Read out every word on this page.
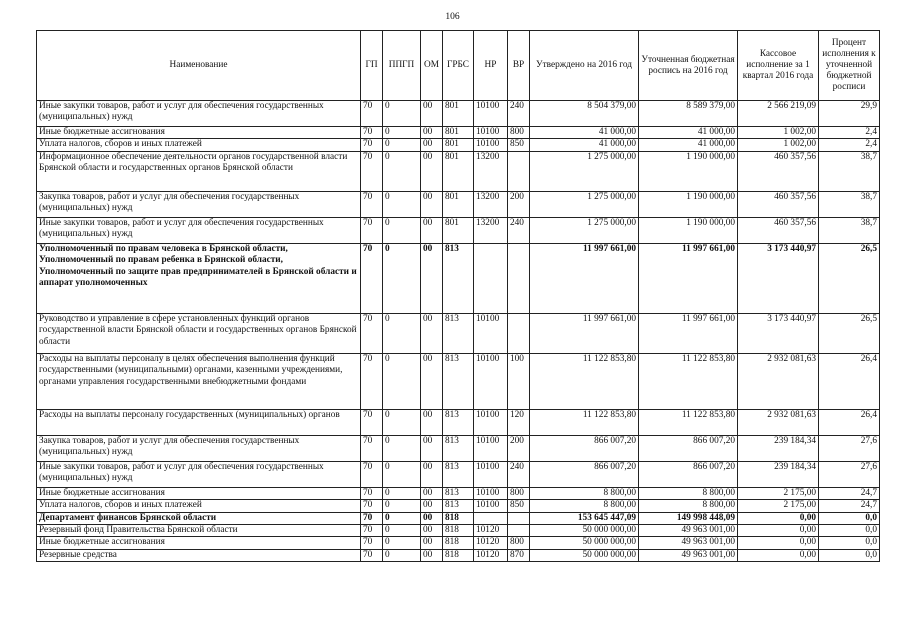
106
Наименование	ГП	ППГП	ОМ	ГРБС	НР	ВР	Утверждено на 2016 год	Уточненная бюджетная роспись на 2016 год	Кассовое исполнение за 1 квартал 2016 года	Процент исполнения к уточненной бюджетной росписи
Иные закупки товаров, работ и услуг для обеспечения государственных (муниципальных) нужд	70	0	00	801	10100	240	8 504 379,00	8 589 379,00	2 566 219,09	29,9
Иные бюджетные ассигнования	70	0	00	801	10100	800	41 000,00	41 000,00	1 002,00	2,4
Уплата налогов, сборов и иных платежей	70	0	00	801	10100	850	41 000,00	41 000,00	1 002,00	2,4
Информационное обеспечение деятельности органов государственной власти Брянской области и государственных органов Брянской области	70	0	00	801	13200		1 275 000,00	1 190 000,00	460 357,56	38,7
Закупка товаров, работ и услуг для обеспечения государственных (муниципальных) нужд	70	0	00	801	13200	200	1 275 000,00	1 190 000,00	460 357,56	38,7
Иные закупки товаров, работ и услуг для обеспечения государственных (муниципальных) нужд	70	0	00	801	13200	240	1 275 000,00	1 190 000,00	460 357,56	38,7
Уполномоченный по правам человека в Брянской области, Уполномоченный по правам ребенка в Брянской области, Уполномоченный по защите прав предпринимателей в Брянской области и аппарат уполномоченных	70	0	00	813			11 997 661,00	11 997 661,00	3 173 440,97	26,5
Руководство и управление в сфере установленных функций органов государственной власти Брянской области и государственных органов Брянской области	70	0	00	813	10100		11 997 661,00	11 997 661,00	3 173 440,97	26,5
Расходы на выплаты персоналу в целях обеспечения выполнения функций государственными (муниципальными) органами, казенными учреждениями, органами управления государственными внебюджетными фондами	70	0	00	813	10100	100	11 122 853,80	11 122 853,80	2 932 081,63	26,4
Расходы на выплаты персоналу государственных (муниципальных) органов	70	0	00	813	10100	120	11 122 853,80	11 122 853,80	2 932 081,63	26,4
Закупка товаров, работ и услуг для обеспечения государственных (муниципальных) нужд	70	0	00	813	10100	200	866 007,20	866 007,20	239 184,34	27,6
Иные закупки товаров, работ и услуг для обеспечения государственных (муниципальных) нужд	70	0	00	813	10100	240	866 007,20	866 007,20	239 184,34	27,6
Иные бюджетные ассигнования	70	0	00	813	10100	800	8 800,00	8 800,00	2 175,00	24,7
Уплата налогов, сборов и иных платежей	70	0	00	813	10100	850	8 800,00	8 800,00	2 175,00	24,7
Департамент финансов Брянской области	70	0	00	818			153 645 447,09	149 998 448,09	0,00	0,0
Резервный фонд Правительства Брянской области	70	0	00	818	10120		50 000 000,00	49 963 001,00	0,00	0,0
Иные бюджетные ассигнования	70	0	00	818	10120	800	50 000 000,00	49 963 001,00	0,00	0,0
Резервные средства	70	0	00	818	10120	870	50 000 000,00	49 963 001,00	0,00	0,0
